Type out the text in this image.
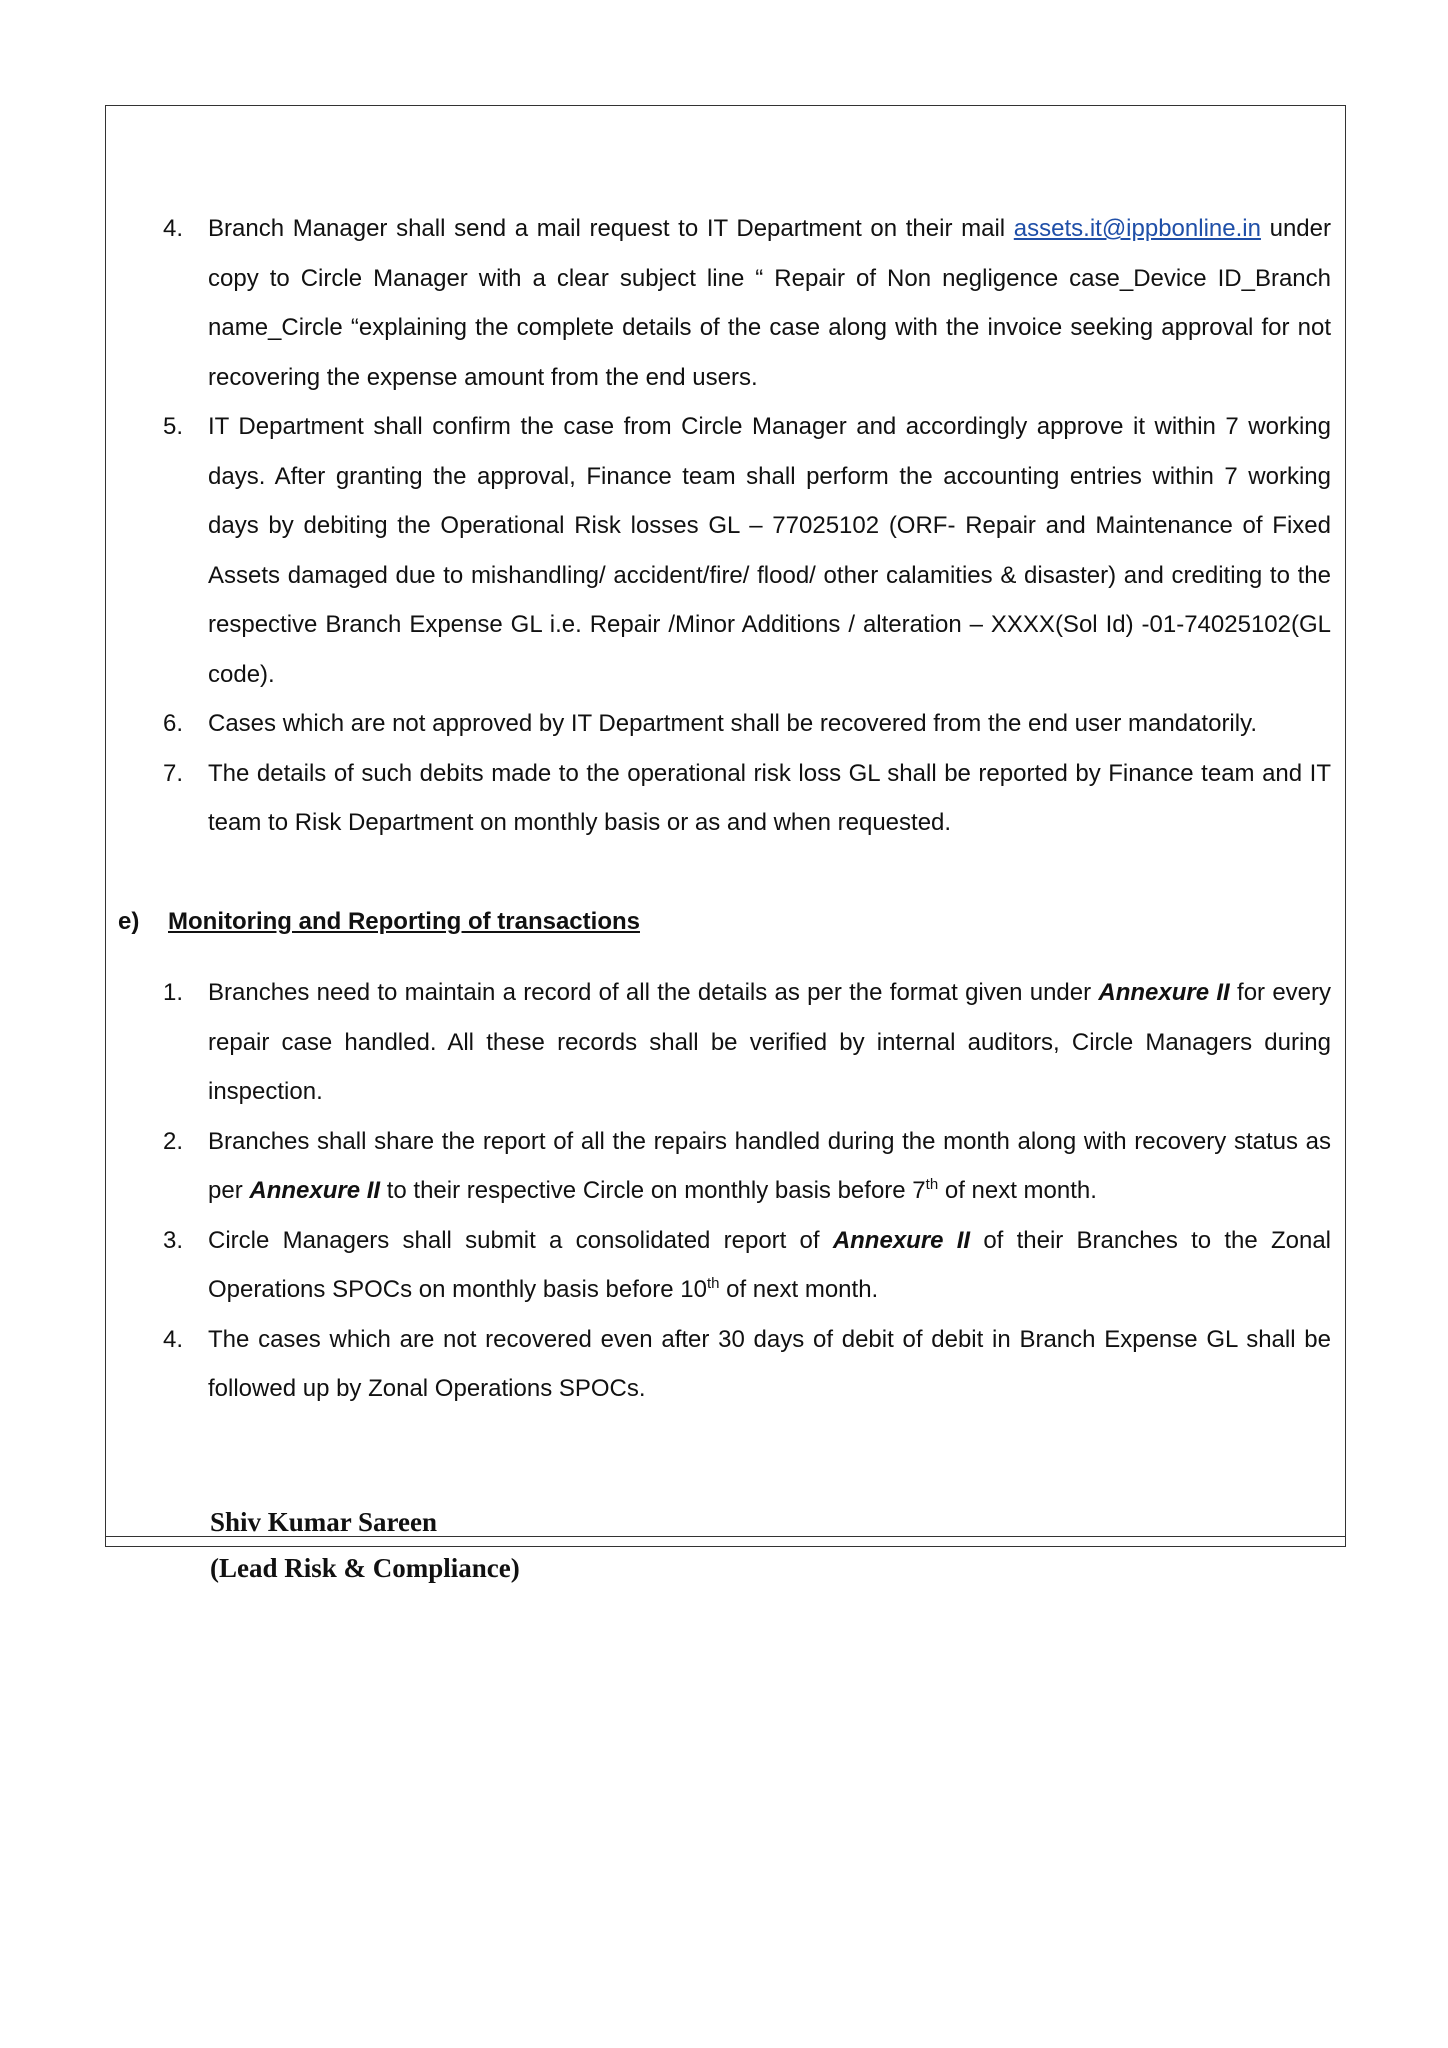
4.	Branch Manager shall send a mail request to IT Department on their mail assets.it@ippbonline.in under copy to Circle Manager with a clear subject line “ Repair of Non negligence case_Device ID_Branch name_Circle “explaining the complete details of the case along with the invoice seeking approval for not recovering the expense amount from the end users.
5.	IT Department shall confirm the case from Circle Manager and accordingly approve it within 7 working days. After granting the approval, Finance team shall perform the accounting entries within 7 working days by debiting the Operational Risk losses GL – 77025102 (ORF- Repair and Maintenance of Fixed Assets damaged due to mishandling/ accident/fire/ flood/ other calamities & disaster) and crediting to the respective Branch Expense GL i.e. Repair /Minor Additions / alteration – XXXX(Sol Id) -01-74025102(GL code).
6.	Cases which are not approved by IT Department shall be recovered from the end user mandatorily.
7.	The details of such debits made to the operational risk loss GL shall be reported by Finance team and IT team to Risk Department on monthly basis or as and when requested.
e) Monitoring and Reporting of transactions
1.	Branches need to maintain a record of all the details as per the format given under Annexure II for every repair case handled. All these records shall be verified by internal auditors, Circle Managers during inspection.
2.	Branches shall share the report of all the repairs handled during the month along with recovery status as per Annexure II to their respective Circle on monthly basis before 7th of next month.
3.	Circle Managers shall submit a consolidated report of Annexure II of their Branches to the Zonal Operations SPOCs on monthly basis before 10th of next month.
4.	The cases which are not recovered even after 30 days of debit of debit in Branch Expense GL shall be followed up by Zonal Operations SPOCs.
Shiv Kumar Sareen
(Lead Risk & Compliance)
